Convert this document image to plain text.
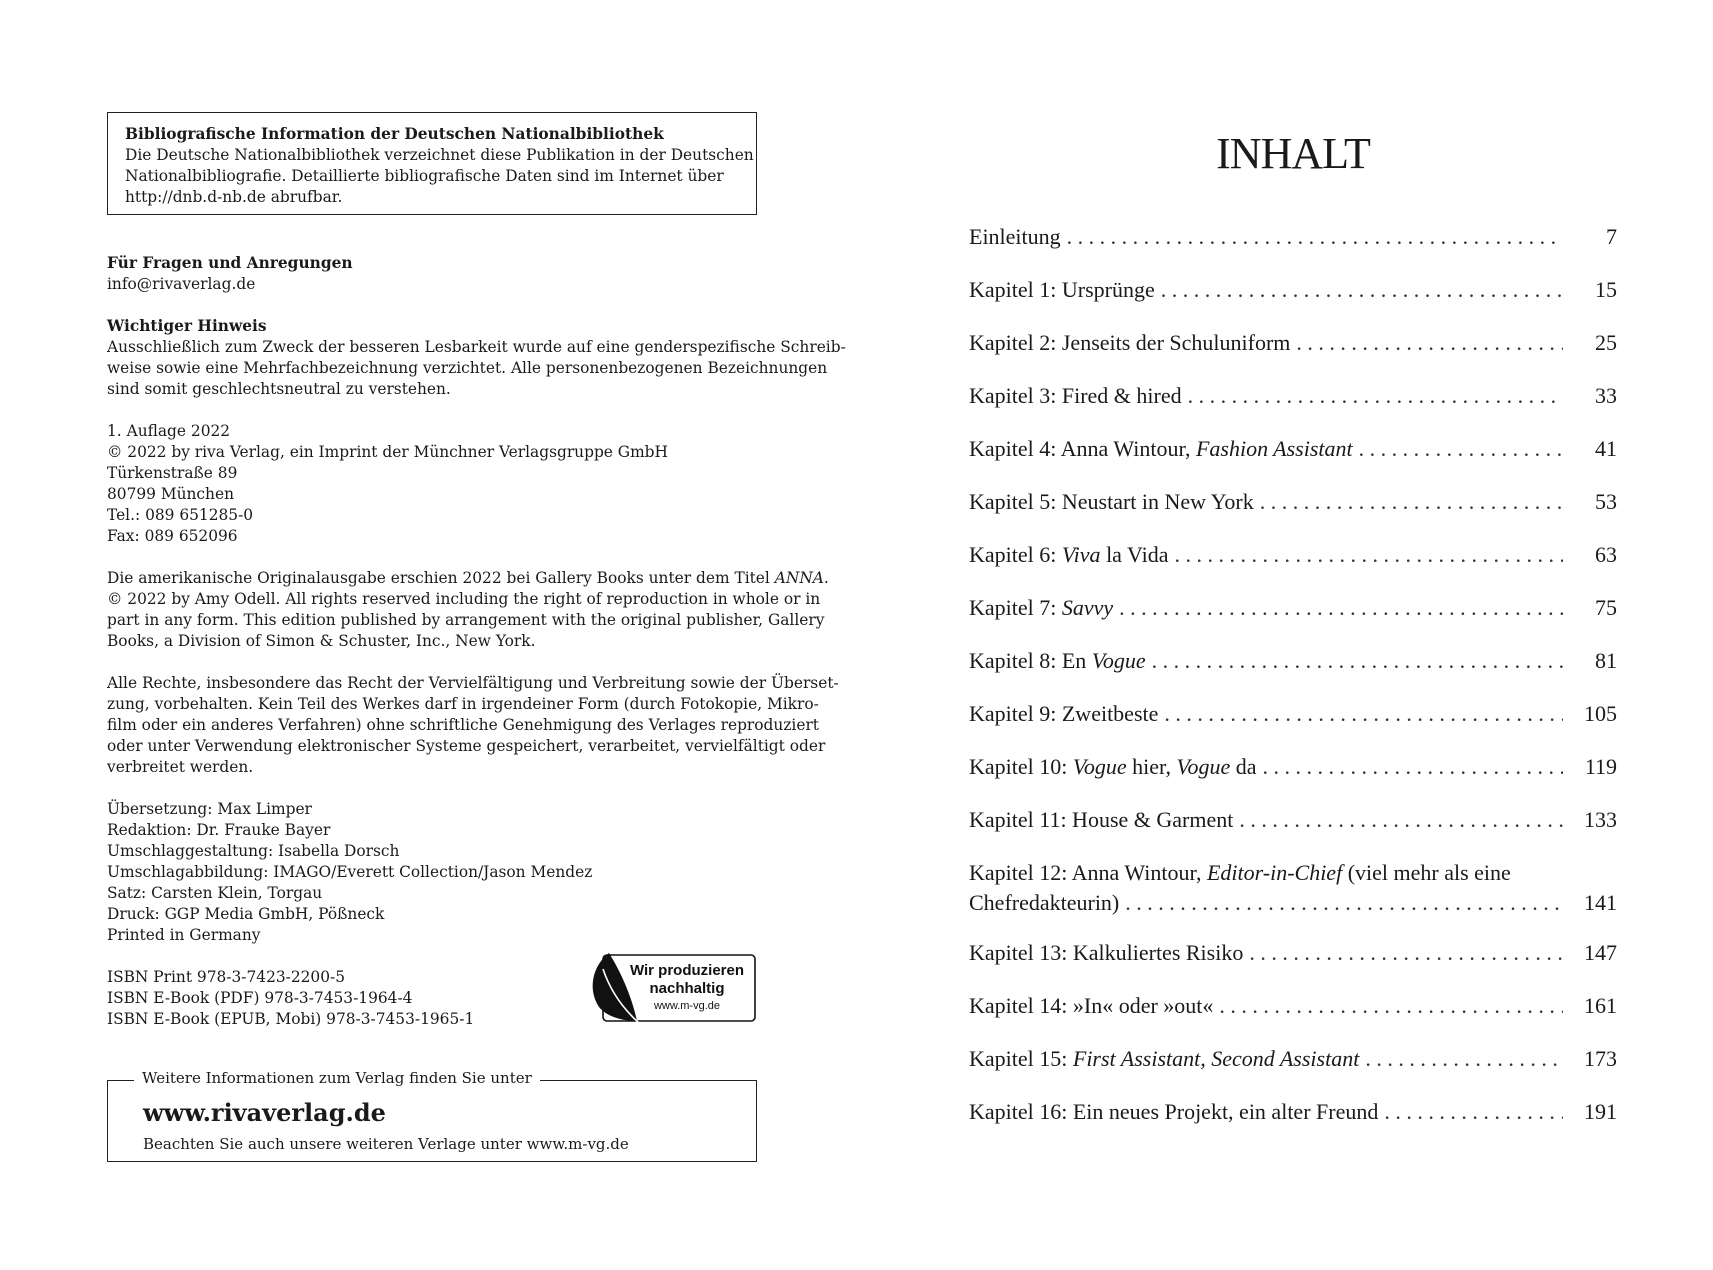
Bibliografische Information der Deutschen Nationalbibliothek
Die Deutsche Nationalbibliothek verzeichnet diese Publikation in der Deutschen
Nationalbibliografie. Detaillierte bibliografische Daten sind im Internet über
http://dnb.d-nb.de abrufbar.
Für Fragen und Anregungen
info@rivaverlag.de
Wichtiger Hinweis
Ausschließlich zum Zweck der besseren Lesbarkeit wurde auf eine genderspezifische Schreib-
weise sowie eine Mehrfachbezeichnung verzichtet. Alle personenbezogenen Bezeichnungen
sind somit geschlechtsneutral zu verstehen.
1. Auflage 2022
© 2022 by riva Verlag, ein Imprint der Münchner Verlagsgruppe GmbH
Türkenstraße 89
80799 München
Tel.: 089 651285-0
Fax: 089 652096
Die amerikanische Originalausgabe erschien 2022 bei Gallery Books unter dem Titel ANNA.
© 2022 by Amy Odell. All rights reserved including the right of reproduction in whole or in
part in any form. This edition published by arrangement with the original publisher, Gallery
Books, a Division of Simon & Schuster, Inc., New York.
Alle Rechte, insbesondere das Recht der Vervielfältigung und Verbreitung sowie der Überset-
zung, vorbehalten. Kein Teil des Werkes darf in irgendeiner Form (durch Fotokopie, Mikro-
film oder ein anderes Verfahren) ohne schriftliche Genehmigung des Verlages reproduziert
oder unter Verwendung elektronischer Systeme gespeichert, verarbeitet, vervielfältigt oder
verbreitet werden.
Übersetzung: Max Limper
Redaktion: Dr. Frauke Bayer
Umschlaggestaltung: Isabella Dorsch
Umschlagabbildung: IMAGO/Everett Collection/Jason Mendez
Satz: Carsten Klein, Torgau
Druck: GGP Media GmbH, Pößneck
Printed in Germany
ISBN Print 978-3-7423-2200-5
ISBN E-Book (PDF) 978-3-7453-1964-4
ISBN E-Book (EPUB, Mobi) 978-3-7453-1965-1
Wir produzieren
nachhaltig
www.m-vg.de
Weitere Informationen zum Verlag finden Sie unter
www.rivaverlag.de
Beachten Sie auch unsere weiteren Verlage unter www.m-vg.de
INHALT
Einleitung . . .	7
Kapitel 1: Ursprünge . . .	15
Kapitel 2: Jenseits der Schuluniform . . .	25
Kapitel 3: Fired & hired . . .	33
Kapitel 4: Anna Wintour, Fashion Assistant . . .	41
Kapitel 5: Neustart in New York . . .	53
Kapitel 6: Viva la Vida . . .	63
Kapitel 7: Savvy . . .	75
Kapitel 8: En Vogue . . .	81
Kapitel 9: Zweitbeste . . .	105
Kapitel 10: Vogue hier, Vogue da . . .	119
Kapitel 11: House & Garment . . .	133
Kapitel 12: Anna Wintour, Editor-in-Chief (viel mehr als eine
Chefredakteurin) . . .	141
Kapitel 13: Kalkuliertes Risiko . . .	147
Kapitel 14: »In« oder »out« . . .	161
Kapitel 15: First Assistant, Second Assistant . . .	173
Kapitel 16: Ein neues Projekt, ein alter Freund . . .	191
